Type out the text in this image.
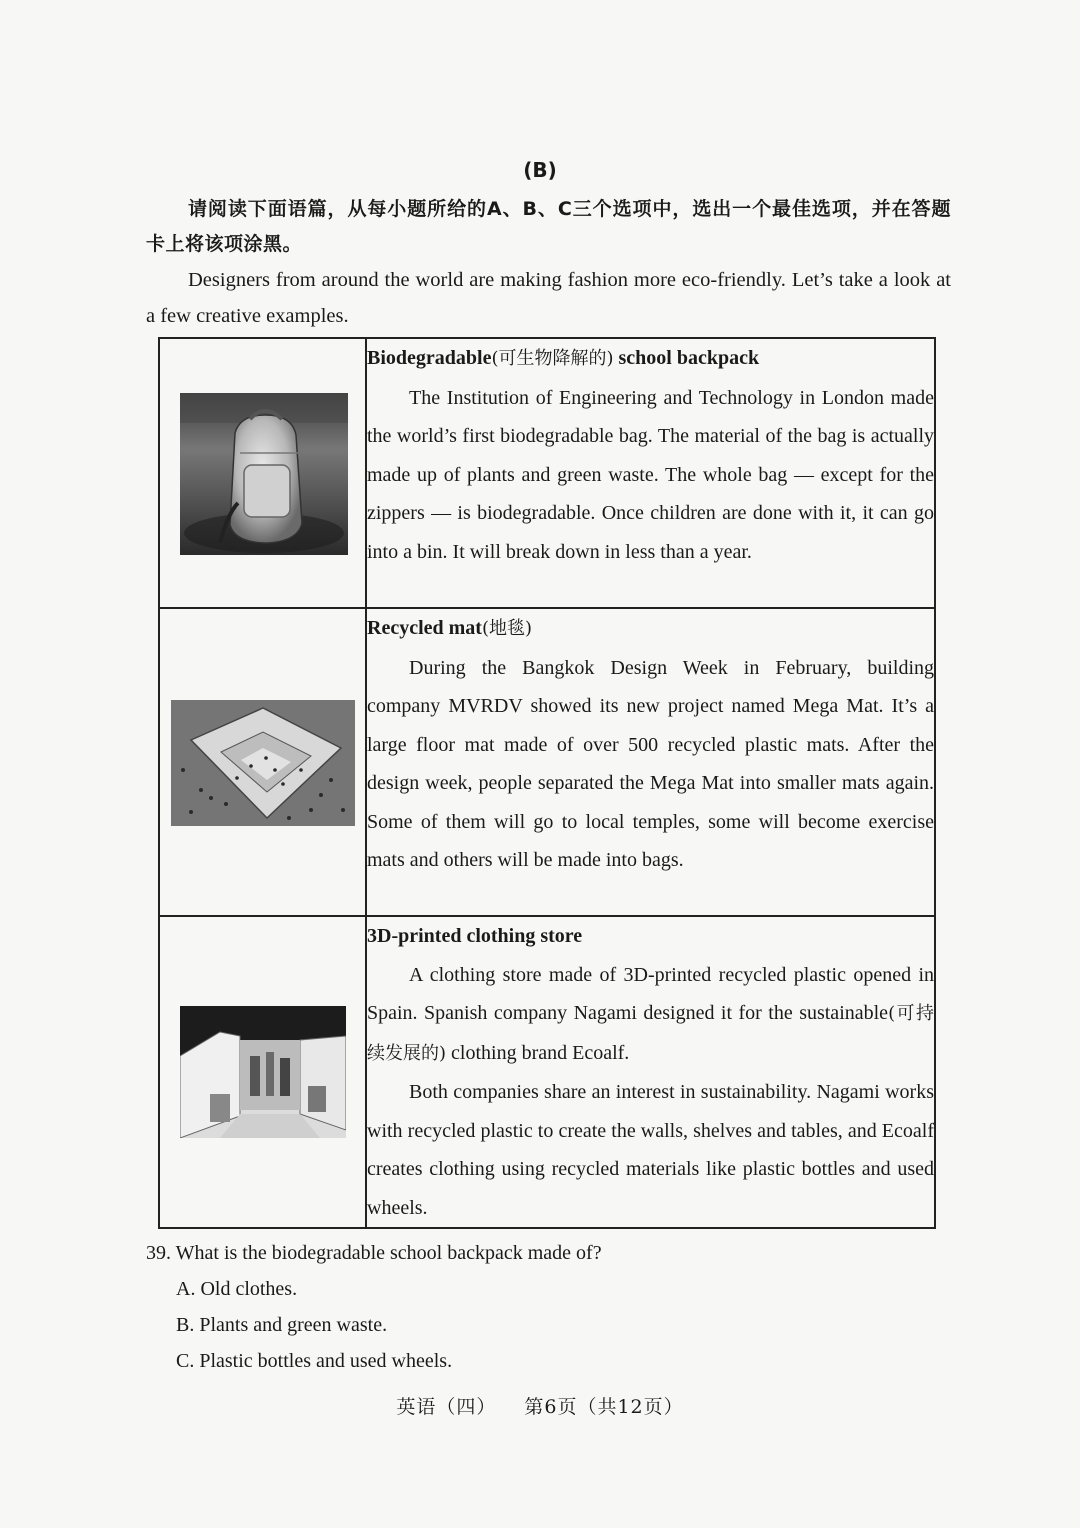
(B)
请阅读下面语篇，从每小题所给的A、B、C三个选项中，选出一个最佳选项，并在答题卡上将该项涂黑。
Designers from around the world are making fashion more eco-friendly. Let’s take a look at a few creative examples.

Biodegradable(可生物降解的) school backpack

The Institution of Engineering and Technology in London made the world’s first biodegradable bag. The material of the bag is actually made up of plants and green waste. The whole bag — except for the zippers — is biodegradable. Once children are done with it, it can go into a bin. It will break down in less than a year.

Recycled mat(地毯)

During the Bangkok Design Week in February, building company MVRDV showed its new project named Mega Mat. It’s a large floor mat made of over 500 recycled plastic mats. After the design week, people separated the Mega Mat into smaller mats again. Some of them will go to local temples, some will become exercise mats and others will be made into bags.

3D-printed clothing store

A clothing store made of 3D-printed recycled plastic opened in Spain. Spanish company Nagami designed it for the sustainable(可持续发展的) clothing brand Ecoalf.

Both companies share an interest in sustainability. Nagami works with recycled plastic to create the walls, shelves and tables, and Ecoalf creates clothing using recycled materials like plastic bottles and used wheels.

39. What is the biodegradable school backpack made of?
A. Old clothes.
B. Plants and green waste.
C. Plastic bottles and used wheels.
英语（四） 第6页（共12页）
